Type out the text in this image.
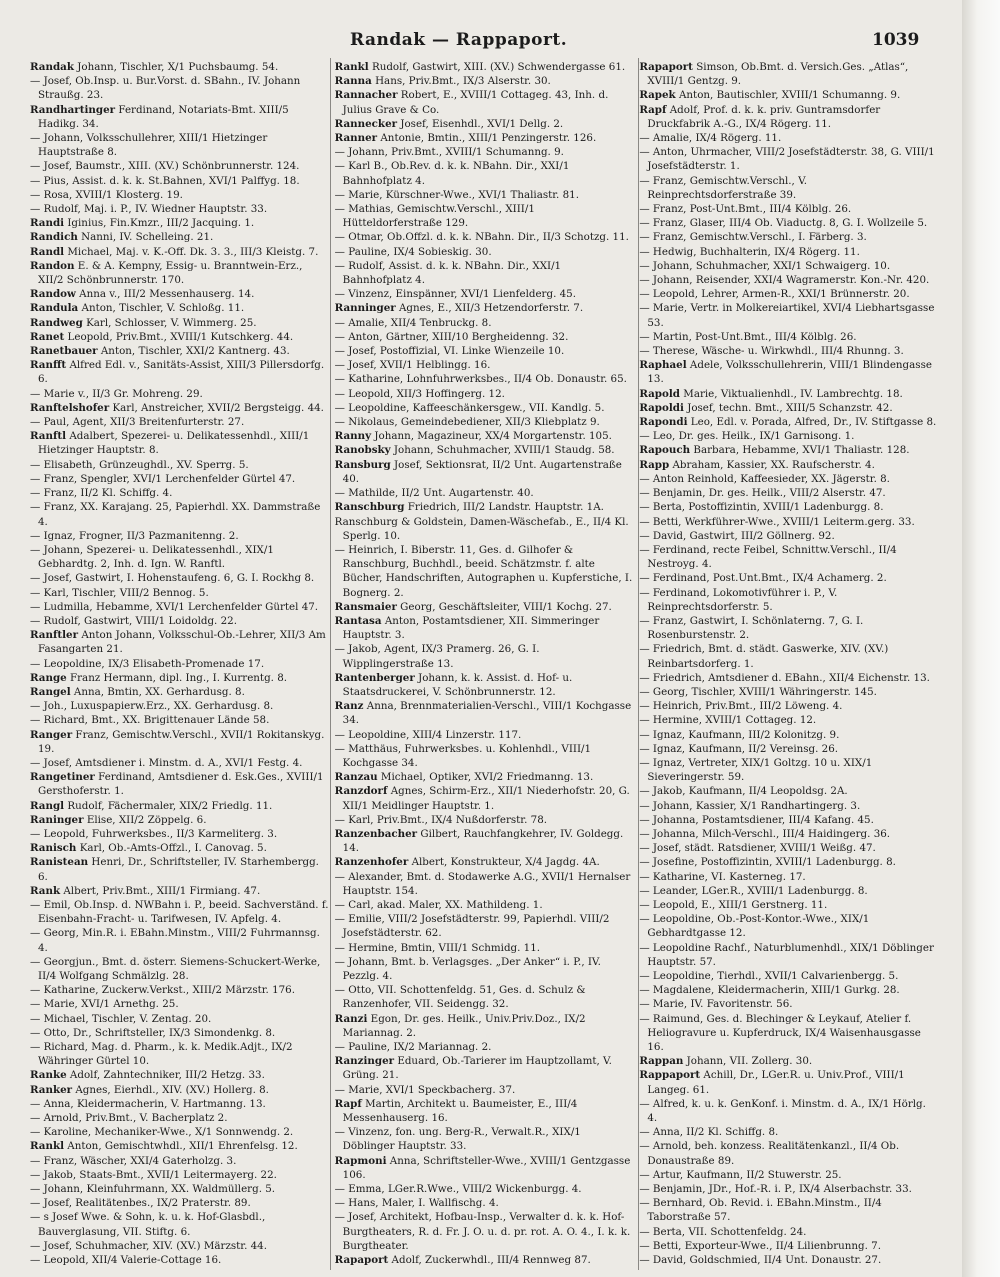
Randak — Rappaport.	1039
Randak Johann, Tischler, X/1 Puchsbaumg. 54.
— Josef, Ob.Insp. u. Bur.Vorst. d. SBahn., IV. Johann Straußg. 23.
Randhartinger Ferdinand, Notariats-Bmt. XIII/5 Hadikg. 34.
— Johann, Volksschullehrer, XIII/1 Hietzinger Hauptstraße 8.
— Josef, Baumstr., XIII. (XV.) Schönbrunnerstr. 124.
— Pius, Assist. d. k. k. St.Bahnen, XVI/1 Palffyg. 18.
— Rosa, XVIII/1 Klosterg. 19.
— Rudolf, Maj. i. P., IV. Wiedner Hauptstr. 33.
Randi Iginius, Fin.Kmzr., III/2 Jacquing. 1.
Randich Nanni, IV. Schelleing. 21.
Randl Michael, Maj. v. K.-Off. Dk. 3. 3., III/3 Kleistg. 7.
Randon E. & A. Kempny, Essig- u. Branntwein-Erz., XII/2 Schönbrunnerstr. 170.
Randow Anna v., III/2 Messenhauserg. 14.
Randula Anton, Tischler, V. Schloßg. 11.
Randweg Karl, Schlosser, V. Wimmerg. 25.
Ranet Leopold, Priv.Bmt., XVIII/1 Kutschkerg. 44.
Ranetbauer Anton, Tischler, XXI/2 Kantnerg. 43.
Ranfft Alfred Edl. v., Sanitäts-Assist, XIII/3 Pillersdorfg. 6.
— Marie v., II/3 Gr. Mohreng. 29.
Ranftelshofer Karl, Anstreicher, XVII/2 Bergsteigg. 44.
— Paul, Agent, XII/3 Breitenfurterstr. 27.
Ranftl Adalbert, Spezerei- u. Delikatessenhdl., XIII/1 Hietzinger Hauptstr. 8.
— Elisabeth, Grünzeughdl., XV. Sperrg. 5.
— Franz, Spengler, XVI/1 Lerchenfelder Gürtel 47.
— Franz, II/2 Kl. Schiffg. 4.
— Franz, XX. Karajang. 25, Papierhdl. XX. Dammstraße 4.
— Ignaz, Frogner, II/3 Pazmanitenng. 2.
— Johann, Spezerei- u. Delikatessenhdl., XIX/1 Gebhardtg. 2, Inh. d. Ign. W. Ranftl.
— Josef, Gastwirt, I. Hohenstaufeng. 6, G. I. Rockhg 8.
— Karl, Tischler, VIII/2 Bennog. 5.
— Ludmilla, Hebamme, XVI/1 Lerchenfelder Gürtel 47.
— Rudolf, Gastwirt, VIII/1 Loidoldg. 22.
Ranftler Anton Johann, Volksschul-Ob.-Lehrer, XII/3 Am Fasangarten 21.
— Leopoldine, IX/3 Elisabeth-Promenade 17.
Range Franz Hermann, dipl. Ing., I. Kurrentg. 8.
Rangel Anna, Bmtin, XX. Gerhardusg. 8.
— Joh., Luxuspapierw.Erz., XX. Gerhardusg. 8.
— Richard, Bmt., XX. Brigittenauer Lände 58.
Ranger Franz, Gemischtw.Verschl., XVII/1 Rokitanskyg. 19.
— Josef, Amtsdiener i. Minstm. d. A., XVI/1 Festg. 4.
Rangetiner Ferdinand, Amtsdiener d. Esk.Ges., XVIII/1 Gersthoferstr. 1.
Rangl Rudolf, Fächermaler, XIX/2 Friedlg. 11.
Raninger Elise, XII/2 Zöppelg. 6.
— Leopold, Fuhrwerksbes., II/3 Karmeliterg. 3.
Ranisch Karl, Ob.-Amts-Offzl., I. Canovag. 5.
Ranistean Henri, Dr., Schriftsteller, IV. Starhembergg. 6.
Rank Albert, Priv.Bmt., XIII/1 Firmiang. 47.
— Emil, Ob.Insp. d. NWBahn i. P., beeid. Sachverständ. f. Eisenbahn-Fracht- u. Tarifwesen, IV. Apfelg. 4.
— Georg, Min.R. i. EBahn.Minstm., VIII/2 Fuhrmannsg. 4.
— Georgjun., Bmt. d. österr. Siemens-Schuckert-Werke, II/4 Wolfgang Schmälzlg. 28.
— Katharine, Zuckerw.Verkst., XIII/2 Märzstr. 176.
— Marie, XVI/1 Arnethg. 25.
— Michael, Tischler, V. Zentag. 20.
— Otto, Dr., Schriftsteller, IX/3 Simondenkg. 8.
— Richard, Mag. d. Pharm., k. k. Medik.Adjt., IX/2 Währinger Gürtel 10.
Ranke Adolf, Zahntechniker, III/2 Hetzg. 33.
Ranker Agnes, Eierhdl., XIV. (XV.) Hollerg. 8.
— Anna, Kleidermacherin, V. Hartmanng. 13.
— Arnold, Priv.Bmt., V. Bacherplatz 2.
— Karoline, Mechaniker-Wwe., X/1 Sonnwendg. 2.
Rankl Anton, Gemischtwhdl., XII/1 Ehrenfelsg. 12.
— Franz, Wäscher, XXI/4 Gaterholzg. 3.
— Jakob, Staats-Bmt., XVII/1 Leitermayerg. 22.
— Johann, Kleinfuhrmann, XX. Waldmüllerg. 5.
— Josef, Realitätenbes., IX/2 Praterstr. 89.
— s Josef Wwe. & Sohn, k. u. k. Hof-Glasbdl., Bauverglasung, VII. Stiftg. 6.
— Josef, Schuhmacher, XIV. (XV.) Märzstr. 44.
— Leopold, XII/4 Valerie-Cottage 16.
Rankl Rudolf, Gastwirt, XIII. (XV.) Schwendergasse 61.
Ranna Hans, Priv.Bmt., IX/3 Alserstr. 30.
Rannacher Robert, E., XVIII/1 Cottageg. 43, Inh. d. Julius Grave & Co.
Rannecker Josef, Eisenhdl., XVI/1 Dellg. 2.
Ranner Antonie, Bmtin., XIII/1 Penzingerstr. 126.
— Johann, Priv.Bmt., XVIII/1 Schumanng. 9.
— Karl B., Ob.Rev. d. k. k. NBahn. Dir., XXI/1 Bahnhofplatz 4.
— Marie, Kürschner-Wwe., XVI/1 Thaliastr. 81.
— Mathias, Gemischtw.Verschl., XIII/1 Hütteldorferstraße 129.
— Otmar, Ob.Offzl. d. k. k. NBahn. Dir., II/3 Schotzg. 11.
— Pauline, IX/4 Sobieskig. 30.
— Rudolf, Assist. d. k. k. NBahn. Dir., XXI/1 Bahnhofplatz 4.
— Vinzenz, Einspänner, XVI/1 Lienfelderg. 45.
Ranninger Agnes, E., XII/3 Hetzendorferstr. 7.
— Amalie, XII/4 Tenbruckg. 8.
— Anton, Gärtner, XIII/10 Bergheidenng. 32.
— Josef, Postoffizial, VI. Linke Wienzeile 10.
— Josef, XVII/1 Helblingg. 16.
— Katharine, Lohnfuhrwerksbes., II/4 Ob. Donaustr. 65.
— Leopold, XII/3 Hoffingerg. 12.
— Leopoldine, Kaffeeschänkersgew., VII. Kandlg. 5.
— Nikolaus, Gemeindebediener, XII/3 Kliebplatz 9.
Ranny Johann, Magazineur, XX/4 Morgartenstr. 105.
Ranobsky Johann, Schuhmacher, XVIII/1 Staudg. 58.
Ransburg Josef, Sektionsrat, II/2 Unt. Augartenstraße 40.
— Mathilde, II/2 Unt. Augartenstr. 40.
Ranschburg Friedrich, III/2 Landstr. Hauptstr. 1A.
Ranschburg & Goldstein, Damen-Wäschefab., E., II/4 Kl. Sperlg. 10.
— Heinrich, I. Biberstr. 11, Ges. d. Gilhofer & Ranschburg, Buchhdl., beeid. Schätzmstr. f. alte Bücher, Handschriften, Autographen u. Kupferstiche, I. Bognerg. 2.
Ransmaier Georg, Geschäftsleiter, VIII/1 Kochg. 27.
Rantasa Anton, Postamtsdiener, XII. Simmeringer Hauptstr. 3.
— Jakob, Agent, IX/3 Pramerg. 26, G. I. Wipplingerstraße 13.
Rantenberger Johann, k. k. Assist. d. Hof- u. Staatsdruckerei, V. Schönbrunnerstr. 12.
Ranz Anna, Brennmaterialien-Verschl., VIII/1 Kochgasse 34.
— Leopoldine, XIII/4 Linzerstr. 117.
— Matthäus, Fuhrwerksbes. u. Kohlenhdl., VIII/1 Kochgasse 34.
Ranzau Michael, Optiker, XVI/2 Friedmanng. 13.
Ranzdorf Agnes, Schirm-Erz., XII/1 Niederhofstr. 20, G. XII/1 Meidlinger Hauptstr. 1.
— Karl, Priv.Bmt., IX/4 Nußdorferstr. 78.
Ranzenbacher Gilbert, Rauchfangkehrer, IV. Goldegg. 14.
Ranzenhofer Albert, Konstrukteur, X/4 Jagdg. 4A.
— Alexander, Bmt. d. Stodawerke A.G., XVII/1 Hernalser Hauptstr. 154.
— Carl, akad. Maler, XX. Mathildeng. 1.
— Emilie, VIII/2 Josefstädterstr. 99, Papierhdl. VIII/2 Josefstädterstr. 62.
— Hermine, Bmtin, VIII/1 Schmidg. 11.
— Johann, Bmt. b. Verlagsges. „Der Anker“ i. P., IV. Pezzlg. 4.
— Otto, VII. Schottenfeldg. 51, Ges. d. Schulz & Ranzenhofer, VII. Seidengg. 32.
Ranzi Egon, Dr. ges. Heilk., Univ.Priv.Doz., IX/2 Mariannag. 2.
— Pauline, IX/2 Mariannag. 2.
Ranzinger Eduard, Ob.-Tarierer im Hauptzollamt, V. Grüng. 21.
— Marie, XVI/1 Speckbacherg. 37.
Rapf Martin, Architekt u. Baumeister, E., III/4 Messenhauserg. 16.
— Vinzenz, fon. ung. Berg-R., Verwalt.R., XIX/1 Döblinger Hauptstr. 33.
Rapmoni Anna, Schriftsteller-Wwe., XVIII/1 Gentzgasse 106.
— Emma, LGer.R.Wwe., VIII/2 Wickenburgg. 4.
— Hans, Maler, I. Wallfischg. 4.
— Josef, Architekt, Hofbau-Insp., Verwalter d. k. k. Hof-Burgtheaters, R. d. Fr. J. O. u. d. pr. rot. A. O. 4., I. k. k. Burgtheater.
Rapaport Adolf, Zuckerwhdl., III/4 Rennweg 87.
Rapaport Simson, Ob.Bmt. d. Versich.Ges. „Atlas“, XVIII/1 Gentzg. 9.
Rapek Anton, Bautischler, XVIII/1 Schumanng. 9.
Rapf Adolf, Prof. d. k. k. priv. Guntramsdorfer Druckfabrik A.-G., IX/4 Rögerg. 11.
— Amalie, IX/4 Rögerg. 11.
— Anton, Uhrmacher, VIII/2 Josefstädterstr. 38, G. VIII/1 Josefstädterstr. 1.
— Franz, Gemischtw.Verschl., V. Reinprechtsdorferstraße 39.
— Franz, Post-Unt.Bmt., III/4 Kölblg. 26.
— Franz, Glaser, III/4 Ob. Viaductg. 8, G. I. Wollzeile 5.
— Franz, Gemischtw.Verschl., I. Färberg. 3.
— Hedwig, Buchhalterin, IX/4 Rögerg. 11.
— Johann, Schuhmacher, XXI/1 Schwaigerg. 10.
— Johann, Reisender, XXI/4 Wagramerstr. Kon.-Nr. 420.
— Leopold, Lehrer, Armen-R., XXI/1 Brünnerstr. 20.
— Marie, Vertr. in Molkereiartikel, XVI/4 Liebhartsgasse 53.
— Martin, Post-Unt.Bmt., III/4 Kölblg. 26.
— Therese, Wäsche- u. Wirkwhdl., III/4 Rhunng. 3.
Raphael Adele, Volksschullehrerin, VIII/1 Blindengasse 13.
Rapold Marie, Viktualienhdl., IV. Lambrechtg. 18.
Rapoldi Josef, techn. Bmt., XIII/5 Schanzstr. 42.
Rapondi Leo, Edl. v. Porada, Alfred, Dr., IV. Stiftgasse 8.
— Leo, Dr. ges. Heilk., IX/1 Garnisong. 1.
Rapouch Barbara, Hebamme, XVI/1 Thaliastr. 128.
Rapp Abraham, Kassier, XX. Raufscherstr. 4.
— Anton Reinhold, Kaffeesieder, XX. Jägerstr. 8.
— Benjamin, Dr. ges. Heilk., VIII/2 Alserstr. 47.
— Berta, Postoffizintin, XVIII/1 Ladenburgg. 8.
— Betti, Werkführer-Wwe., XVIII/1 Leiterm.gerg. 33.
— David, Gastwirt, III/2 Göllnerg. 92.
— Ferdinand, recte Feibel, Schnittw.Verschl., II/4 Nestroyg. 4.
— Ferdinand, Post.Unt.Bmt., IX/4 Achamerg. 2.
— Ferdinand, Lokomotivführer i. P., V. Reinprechtsdorferstr. 5.
— Franz, Gastwirt, I. Schönlaterng. 7, G. I. Rosenburstenstr. 2.
— Friedrich, Bmt. d. städt. Gaswerke, XIV. (XV.) Reinbartsdorferg. 1.
— Friedrich, Amtsdiener d. EBahn., XII/4 Eichenstr. 13.
— Georg, Tischler, XVIII/1 Währingerstr. 145.
— Heinrich, Priv.Bmt., III/2 Löweng. 4.
— Hermine, XVIII/1 Cottageg. 12.
— Ignaz, Kaufmann, III/2 Kolonitzg. 9.
— Ignaz, Kaufmann, II/2 Vereinsg. 26.
— Ignaz, Vertreter, XIX/1 Goltzg. 10 u. XIX/1 Sieveringerstr. 59.
— Jakob, Kaufmann, II/4 Leopoldsg. 2A.
— Johann, Kassier, X/1 Randhartingerg. 3.
— Johanna, Postamtsdiener, III/4 Kafang. 45.
— Johanna, Milch-Verschl., III/4 Haidingerg. 36.
— Josef, städt. Ratsdiener, XVIII/1 Weißg. 47.
— Josefine, Postoffizintin, XVIII/1 Ladenburgg. 8.
— Katharine, VI. Kasterneg. 17.
— Leander, LGer.R., XVIII/1 Ladenburgg. 8.
— Leopold, E., XIII/1 Gerstnerg. 11.
— Leopoldine, Ob.-Post-Kontor.-Wwe., XIX/1 Gebhardtgasse 12.
— Leopoldine Rachf., Naturblumenhdl., XIX/1 Döblinger Hauptstr. 57.
— Leopoldine, Tierhdl., XVII/1 Calvarienbergg. 5.
— Magdalene, Kleidermacherin, XIII/1 Gurkg. 28.
— Marie, IV. Favoritenstr. 56.
— Raimund, Ges. d. Blechinger & Leykauf, Atelier f. Heliogravure u. Kupferdruck, IX/4 Waisenhausgasse 16.
Rappan Johann, VII. Zollerg. 30.
Rappaport Achill, Dr., LGer.R. u. Univ.Prof., VIII/1 Langeg. 61.
— Alfred, k. u. k. GenKonf. i. Minstm. d. A., IX/1 Hörlg. 4.
— Anna, II/2 Kl. Schiffg. 8.
— Arnold, beh. konzess. Realitätenkanzl., II/4 Ob. Donaustraße 89.
— Artur, Kaufmann, II/2 Stuwerstr. 25.
— Benjamin, JDr., Hof.-R. i. P., IX/4 Alserbachstr. 33.
— Bernhard, Ob. Revid. i. EBahn.Minstm., II/4 Taborstraße 57.
— Berta, VII. Schottenfeldg. 24.
— Betti, Exporteur-Wwe., II/4 Lilienbrunng. 7.
— David, Goldschmied, II/4 Unt. Donaustr. 27.
